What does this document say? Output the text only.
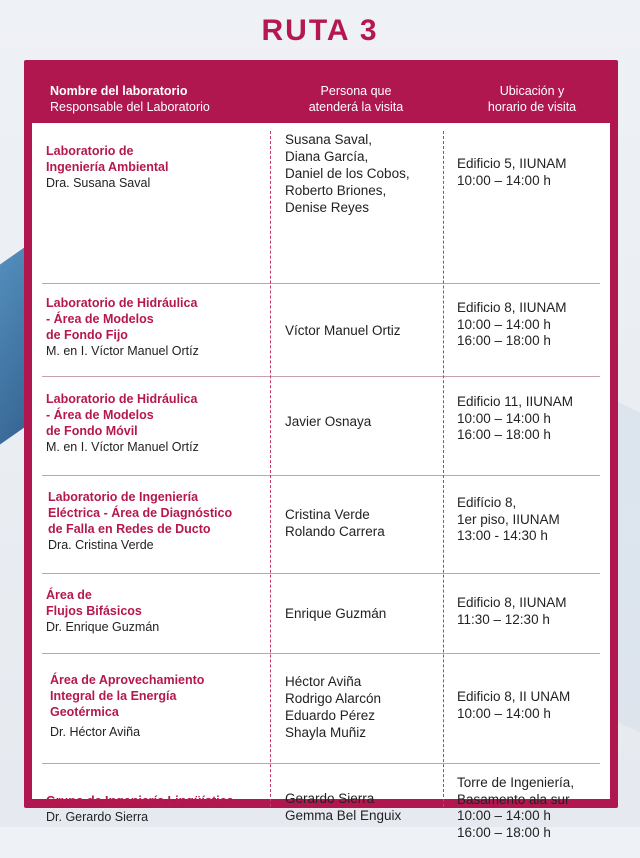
RUTA 3
Nombre del laboratorio
Responsable del Laboratorio
Persona que
atenderá la visita
Ubicación y
horario de visita
Laboratorio de
Ingeniería Ambiental
Dra. Susana Saval
Susana Saval,
Diana García,
Daniel de los Cobos,
Roberto Briones,
Denise Reyes
Edificio 5, IIUNAM
10:00 – 14:00 h
Laboratorio de Hidráulica
- Área de Modelos
de Fondo Fijo
M. en I. Víctor Manuel Ortíz
Víctor Manuel Ortiz
Edificio 8, IIUNAM
10:00 – 14:00 h
16:00 – 18:00 h
Laboratorio de Hidráulica
- Área de Modelos
de Fondo Móvil
M. en I. Víctor Manuel Ortíz
Javier Osnaya
Edificio 11, IIUNAM
10:00 – 14:00 h
16:00 – 18:00 h
Laboratorio de Ingeniería
Eléctrica - Área de Diagnóstico
de Falla en Redes de Ducto
Dra. Cristina Verde
Cristina Verde
Rolando Carrera
Edifício 8,
1er piso, IIUNAM
13:00 - 14:30 h
Área de
Flujos Bifásicos
Dr. Enrique Guzmán
Enrique Guzmán
Edificio 8, IIUNAM
11:30 – 12:30 h
Área de Aprovechamiento
Integral de la Energía
Geotérmica
Dr. Héctor Aviña
Héctor Aviña
Rodrigo Alarcón
Eduardo Pérez
Shayla Muñiz
Edificio 8, II UNAM
10:00 – 14:00 h
Grupo de Ingeniería Lingüística
Dr. Gerardo Sierra
Gerardo Sierra
Gemma Bel Enguix
Torre de Ingeniería,
Basamento ala sur
10:00 – 14:00 h
16:00 – 18:00 h
